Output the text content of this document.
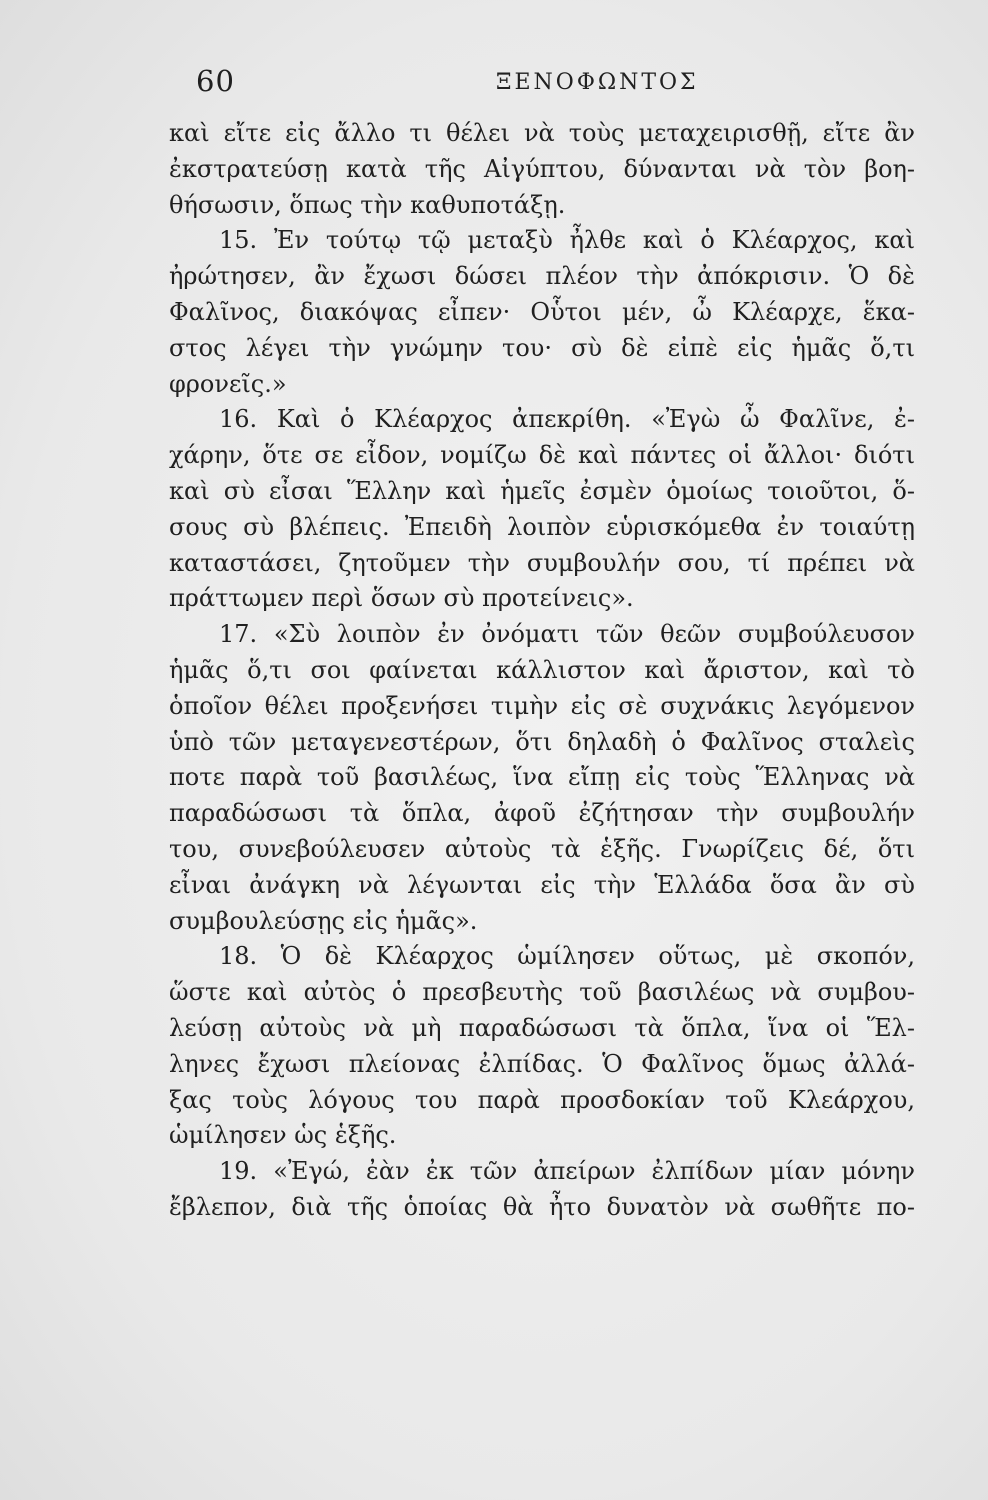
60	ΞΕΝΟΦΩΝΤΟΣ
καὶ εἴτε εἰς ἄλλο τι θέλει νὰ τοὺς μεταχειρισθῇ, εἴτε ἂν
ἐκστρατεύσῃ κατὰ τῆς Αἰγύπτου, δύνανται νὰ τὸν βοη-
θήσωσιν, ὅπως τὴν καθυποτάξῃ.
15. Ἐν τούτῳ τῷ μεταξὺ ἦλθε καὶ ὁ Κλέαρχος, καὶ
ἠρώτησεν, ἂν ἔχωσι δώσει πλέον τὴν ἀπόκρισιν. Ὁ δὲ
Φαλῖνος, διακόψας εἶπεν· Οὗτοι μέν, ὦ Κλέαρχε, ἕκα-
στος λέγει τὴν γνώμην του· σὺ δὲ εἰπὲ εἰς ἡμᾶς ὅ,τι
φρονεῖς.»
16. Καὶ ὁ Κλέαρχος ἀπεκρίθη. «Ἐγὼ ὦ Φαλῖνε, ἐ-
χάρην, ὅτε σε εἶδον, νομίζω δὲ καὶ πάντες οἱ ἄλλοι· διότι
καὶ σὺ εἶσαι Ἕλλην καὶ ἡμεῖς ἐσμὲν ὁμοίως τοιοῦτοι, ὅ-
σους σὺ βλέπεις. Ἐπειδὴ λοιπὸν εὑρισκόμεθα ἐν τοιαύτῃ
καταστάσει, ζητοῦμεν τὴν συμβουλήν σου, τί πρέπει νὰ
πράττωμεν περὶ ὅσων σὺ προτείνεις».
17. «Σὺ λοιπὸν ἐν ὀνόματι τῶν θεῶν συμβούλευσον
ἡμᾶς ὅ,τι σοι φαίνεται κάλλιστον καὶ ἄριστον, καὶ τὸ
ὁποῖον θέλει προξενήσει τιμὴν εἰς σὲ συχνάκις λεγόμενον
ὑπὸ τῶν μεταγενεστέρων, ὅτι δηλαδὴ ὁ Φαλῖνος σταλεὶς
ποτε παρὰ τοῦ βασιλέως, ἵνα εἴπῃ εἰς τοὺς Ἕλληνας νὰ
παραδώσωσι τὰ ὅπλα, ἀφοῦ ἐζήτησαν τὴν συμβουλήν
του, συνεβούλευσεν αὐτοὺς τὰ ἑξῆς. Γνωρίζεις δέ, ὅτι
εἶναι ἀνάγκη νὰ λέγωνται εἰς τὴν Ἑλλάδα ὅσα ἂν σὺ
συμβουλεύσῃς εἰς ἡμᾶς».
18. Ὁ δὲ Κλέαρχος ὡμίλησεν οὕτως, μὲ σκοπόν,
ὥστε καὶ αὐτὸς ὁ πρεσβευτὴς τοῦ βασιλέως νὰ συμβου-
λεύσῃ αὐτοὺς νὰ μὴ παραδώσωσι τὰ ὅπλα, ἵνα οἱ Ἕλ-
ληνες ἔχωσι πλείονας ἐλπίδας. Ὁ Φαλῖνος ὅμως ἀλλά-
ξας τοὺς λόγους του παρὰ προσδοκίαν τοῦ Κλεάρχου,
ὡμίλησεν ὡς ἑξῆς.
19. «Ἐγώ, ἐὰν ἐκ τῶν ἀπείρων ἐλπίδων μίαν μόνην
ἔβλεπον, διὰ τῆς ὁποίας θὰ ἦτο δυνατὸν νὰ σωθῆτε πο-
